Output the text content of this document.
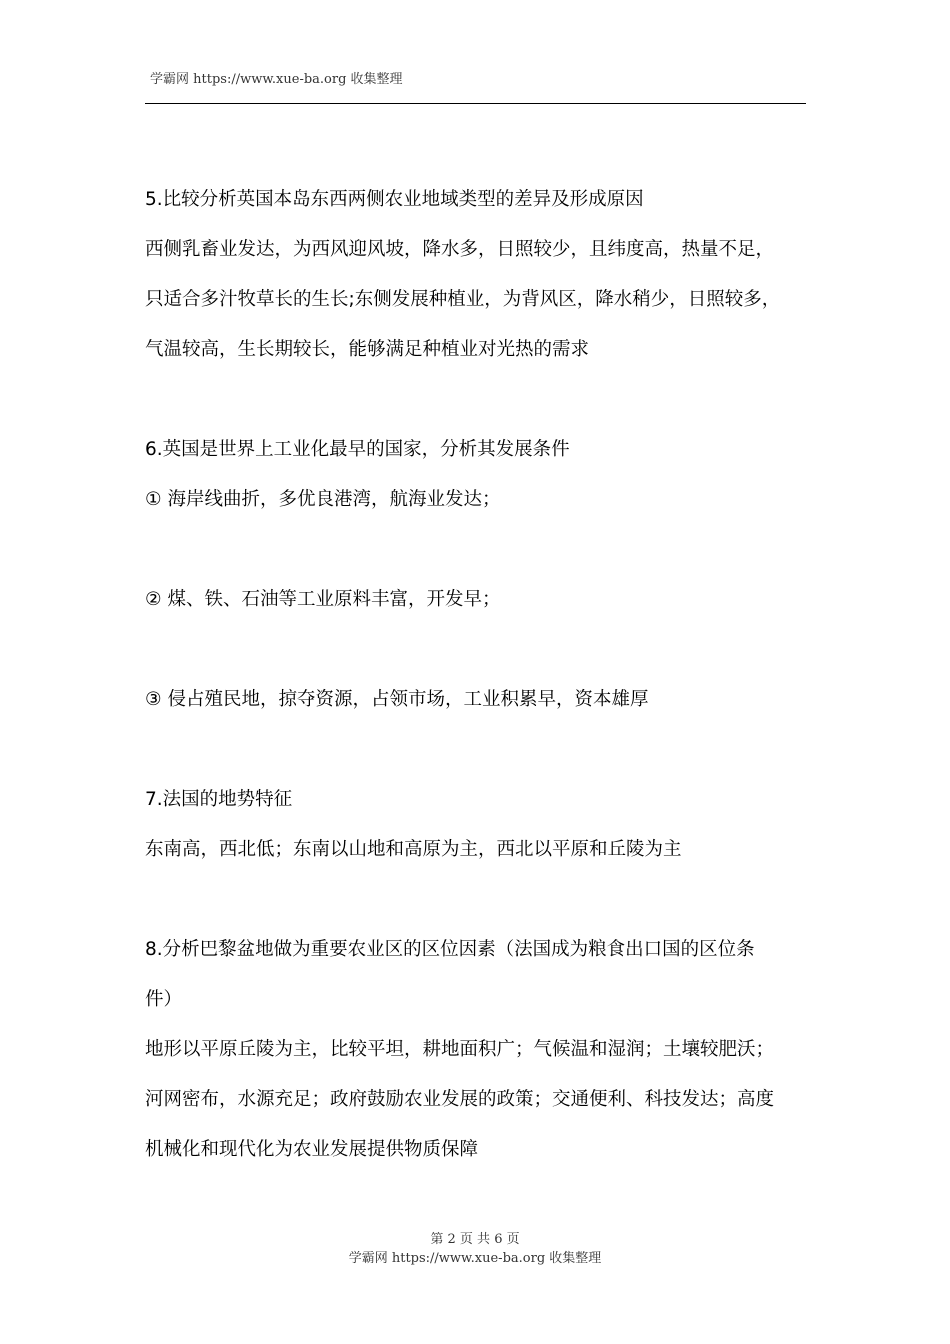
学霸网 https://www.xue-ba.org 收集整理
5.比较分析英国本岛东西两侧农业地域类型的差异及形成原因
西侧乳畜业发达，为西风迎风坡，降水多，日照较少，且纬度高，热量不足，
只适合多汁牧草长的生长;东侧发展种植业，为背风区，降水稍少，日照较多，
气温较高，生长期较长，能够满足种植业对光热的需求
6.英国是世界上工业化最早的国家，分析其发展条件
① 海岸线曲折，多优良港湾，航海业发达；
② 煤、铁、石油等工业原料丰富，开发早；
③ 侵占殖民地，掠夺资源，占领市场，工业积累早，资本雄厚
7.法国的地势特征
东南高，西北低；东南以山地和高原为主，西北以平原和丘陵为主
8.分析巴黎盆地做为重要农业区的区位因素（法国成为粮食出口国的区位条
件）
地形以平原丘陵为主，比较平坦，耕地面积广；气候温和湿润；土壤较肥沃；
河网密布，水源充足；政府鼓励农业发展的政策；交通便利、科技发达；高度
机械化和现代化为农业发展提供物质保障
第 2 页 共 6 页
学霸网 https://www.xue-ba.org 收集整理
